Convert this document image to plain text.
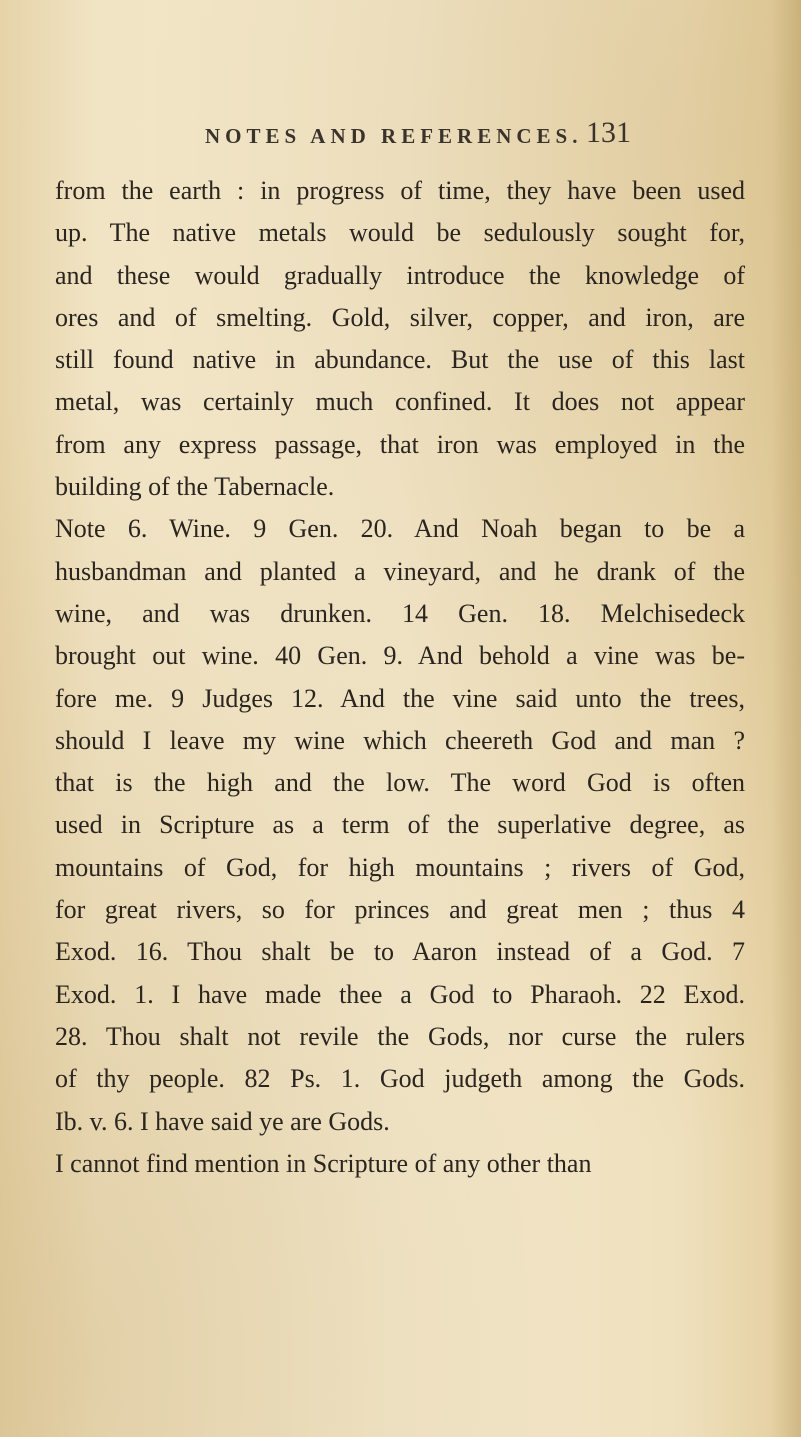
NOTES AND REFERENCES. 131
from the earth : in progress of time, they have been used
up. The native metals would be sedulously sought for,
and these would gradually introduce the knowledge of
ores and of smelting. Gold, silver, copper, and iron, are
still found native in abundance. But the use of this last
metal, was certainly much confined. It does not appear
from any express passage, that iron was employed in the
building of the Tabernacle.
Note 6. Wine. 9 Gen. 20. And Noah began to be a
husbandman and planted a vineyard, and he drank of the
wine, and was drunken. 14 Gen. 18. Melchisedeck
brought out wine. 40 Gen. 9. And behold a vine was be-
fore me. 9 Judges 12. And the vine said unto the trees,
should I leave my wine which cheereth God and man ?
that is the high and the low. The word God is often
used in Scripture as a term of the superlative degree, as
mountains of God, for high mountains ; rivers of God,
for great rivers, so for princes and great men ; thus 4
Exod. 16. Thou shalt be to Aaron instead of a God. 7
Exod. 1. I have made thee a God to Pharaoh. 22 Exod.
28. Thou shalt not revile the Gods, nor curse the rulers
of thy people. 82 Ps. 1. God judgeth among the Gods.
Ib. v. 6. I have said ye are Gods.
I cannot find mention in Scripture of any other than
